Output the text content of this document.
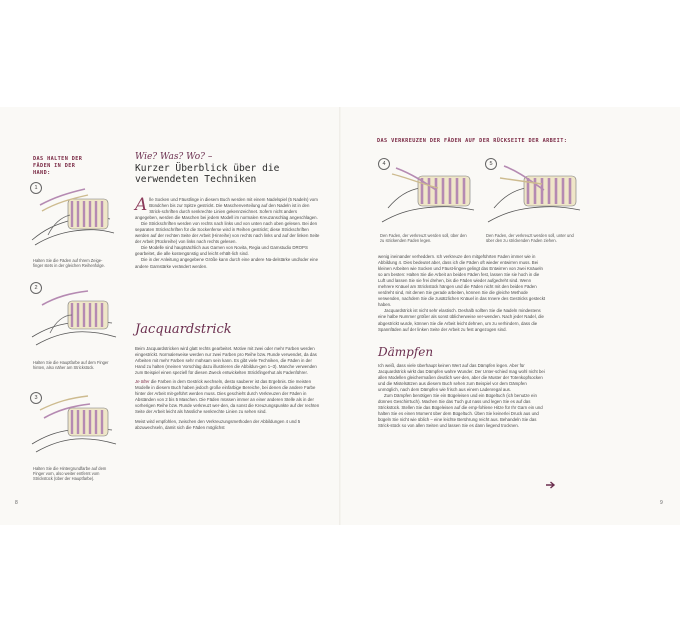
DAS HALTEN DER FÄDEN IN DER HAND:
1
Halten Sie die Fäden auf Ihrem Zeige-finger stets in der gleichen Reihenfolge.
2
Halten Sie die Hauptfarbe auf dem Finger hinten, also näher am Strickstück.
3
Halten Sie die Hintergrundfarbe auf dem Finger vorn, also weiter entfernt vom Strickstück (über der Hauptfarbe).
8
Wie? Was? Wo? –
Kurzer Überblick über die
verwendeten Techniken

Alle Socken und Fäustlinge in diesem Buch werden mit einem Nadelspiel (5 Nadeln) vom Bündchen bis zur Spitze gestrickt. Die Maschenverteilung auf den Nadeln ist in den Strick-schriften durch senkrechte Linien gekennzeichnet. Sofern nicht anders angegeben, werden die Maschen bei jedem Modell im normalen Kreuzanschlag angeschlagen.

Die Strickschriften werden von rechts nach links und von unten nach oben gelesen. Bei den separaten Strickschriften für die Sockenferse wird in Reihen gestrickt; diese Strickschriften werden auf der rechten Seite der Arbeit (Hinreihe) von rechts nach links und auf der linken Seite der Arbeit (Rückreihe) von links nach rechts gelesen.

Die Modelle sind hauptsächlich aus Garnen von Novita, Regia und Garnstudio DROPS gearbeitet, die alle kostengünstig und leicht erhält-lich sind.

Die in der Anleitung angegebene Größe kann durch eine andere Na-delstärke und/oder eine andere Garnstärke verändert werden.

Jacquardstrick

Beim Jacquardstricken wird glatt rechts gearbeitet. Motive mit zwei oder mehr Farben werden eingestrickt. Normalerweise werden nur zwei Farben pro Reihe bzw. Runde verwendet, da das Arbeiten mit mehr Farben sehr mühsam sein kann. Es gibt viele Techniken, die Fäden in der Hand zu halten (meinen Vorschlag dazu illustrieren die Abbildun-gen 1–3). Manche verwenden zum Beispiel einen speziell für diesen Zweck entwickelten Strickfingerhut als Fadenführer.

Je öfter die Farben in dem Gestrick wechseln, desto sauberer ist das Ergebnis. Die meisten Modelle in diesem Buch haben jedoch große einfarbige Bereiche, bei denen die andere Farbe hinter der Arbeit mit-geführt werden muss. Dies geschieht durch Verkreuzen der Fäden in Abständen von 2 bis 5 Maschen. Die Fäden müssen immer an einer anderen Stelle als in der vorherigen Reihe bzw. Runde verkreuzt wer-den, da sonst die Kreuzungspunkte auf der rechten Seite der Arbeit leicht als hässliche senkrechte Linien zu sehen sind.

Meist wird empfohlen, zwischen den Verkreuzungsmethoden der Abbildungen 4 und 5 abzuwechseln, damit sich die Fäden möglichst

DAS VERKREUZEN DER FÄDEN AUF DER RÜCKSEITE DER ARBEIT:
4
Den Faden, der verkreuzt werden soll, über den zu strickenden Faden legen.
5
Den Faden, der verkreuzt werden soll, unter und über den zu strickenden Faden ziehen.

wenig ineinander verheddern. Ich verkreuze den mitgeführten Faden immer wie in Abbildung 4. Dies bedeutet aber, dass ich die Fäden oft wieder entwirren muss. Bei kleinen Arbeiten wie Socken und Fäust-lingen gelingt das Entwirren von zwei Knäueln so am besten: Halten Sie die Arbeit an beiden Fäden fest, lassen Sie sie hoch in die Luft und lassen Sie sie frei drehen, bis die Fäden wieder aufgedreht sind. Wenn mehrere Knäuel am Strickstück hängen und die Fäden nicht mit den beiden Fäden verdreht sind, mit denen Sie gerade arbeiten, können Sie die gleiche Methode verwenden, nachdem Sie die zusätzlichen Knäuel in das Innere des Gestricks gesteckt haben.

Jacquardstrick ist nicht sehr elastisch. Deshalb sollten Sie die Nadeln mindestens eine halbe Nummer größer als sonst üblicherweise ver-wenden. Nach jeder Nadel, die abgestrickt wurde, können Sie die Arbeit leicht dehnen, um zu verhindern, dass die Spannfäden auf der linken Seite der Arbeit zu fest angezogen sind.

Dämpfen

Ich weiß, dass viele überhaupt keinen Wert auf das Dämpfen legen. Aber für Jacquardstrick wirkt das Dämpfen wahre Wunder. Der Unter-schied mag wohl nicht bei allen Modellen gleichermaßen deutlich wer-den, aber die Muster der Totenkopfsocken und die Mistelsätzen aus diesem Buch sehen zum Beispiel vor dem Dämpfen unmöglich, nach dem Dämpfen wie frisch aus einem Ladenregal aus.

Zum Dämpfen benötigen Sie ein Bügeleisen und ein Bügeltuch (ich benutze ein dünnes Geschirrtuch). Machen Sie das Tuch gut nass und legen Sie es auf das Strickstück. Stellen Sie das Bügeleisen auf die emp-fohlene Hitze für Ihr Garn ein und halten Sie es einen Moment über dem Bügeltuch. Üben Sie keinerlei Druck aus und bügeln Sie nicht wie üblich – eine leichte Berührung reicht aus. Behandeln Sie das Strick-stück so von allen Seiten und lassen Sie es dann liegend trocknen.

9
